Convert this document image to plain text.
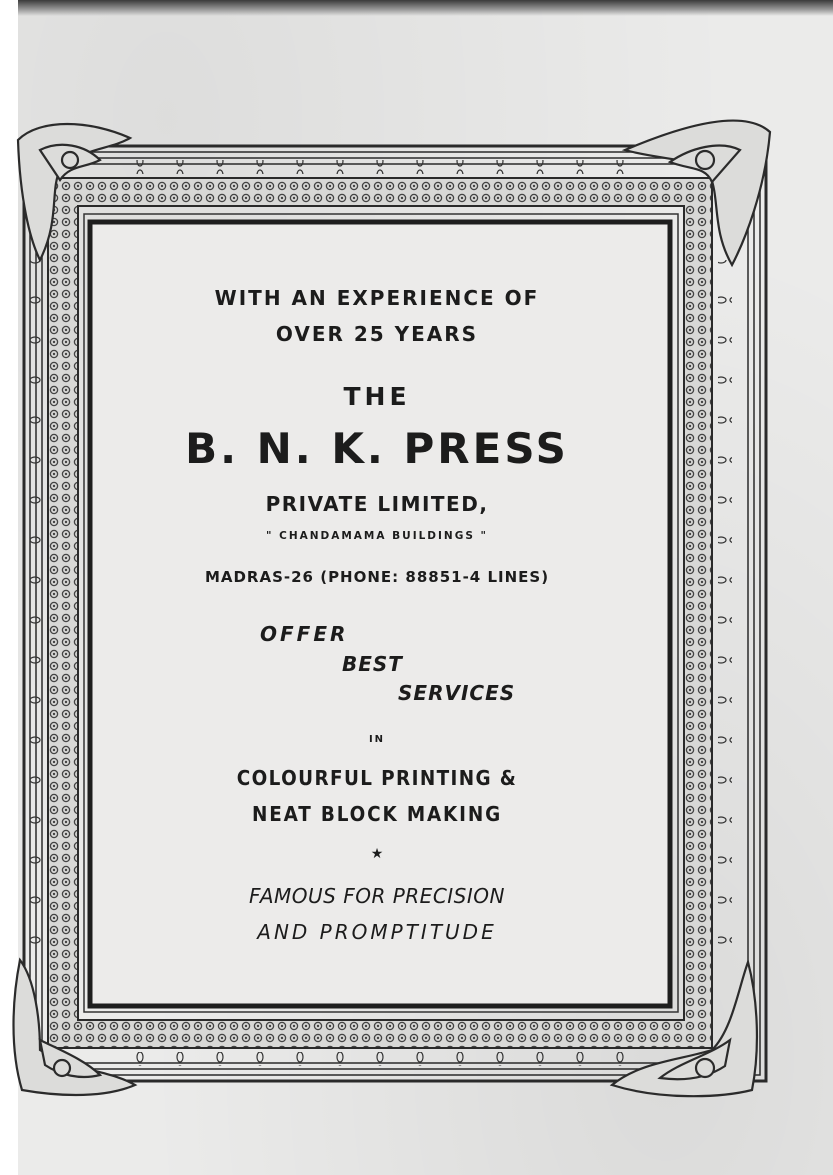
WITH AN EXPERIENCE OF
OVER 25 YEARS
THE
B. N. K. PRESS
PRIVATE LIMITED,
" CHANDAMAMA BUILDINGS "
MADRAS-26 (PHONE: 88851-4 LINES)
OFFER
BEST
SERVICES
IN
COLOURFUL PRINTING &
NEAT BLOCK MAKING
★
FAMOUS FOR PRECISION
AND PROMPTITUDE
